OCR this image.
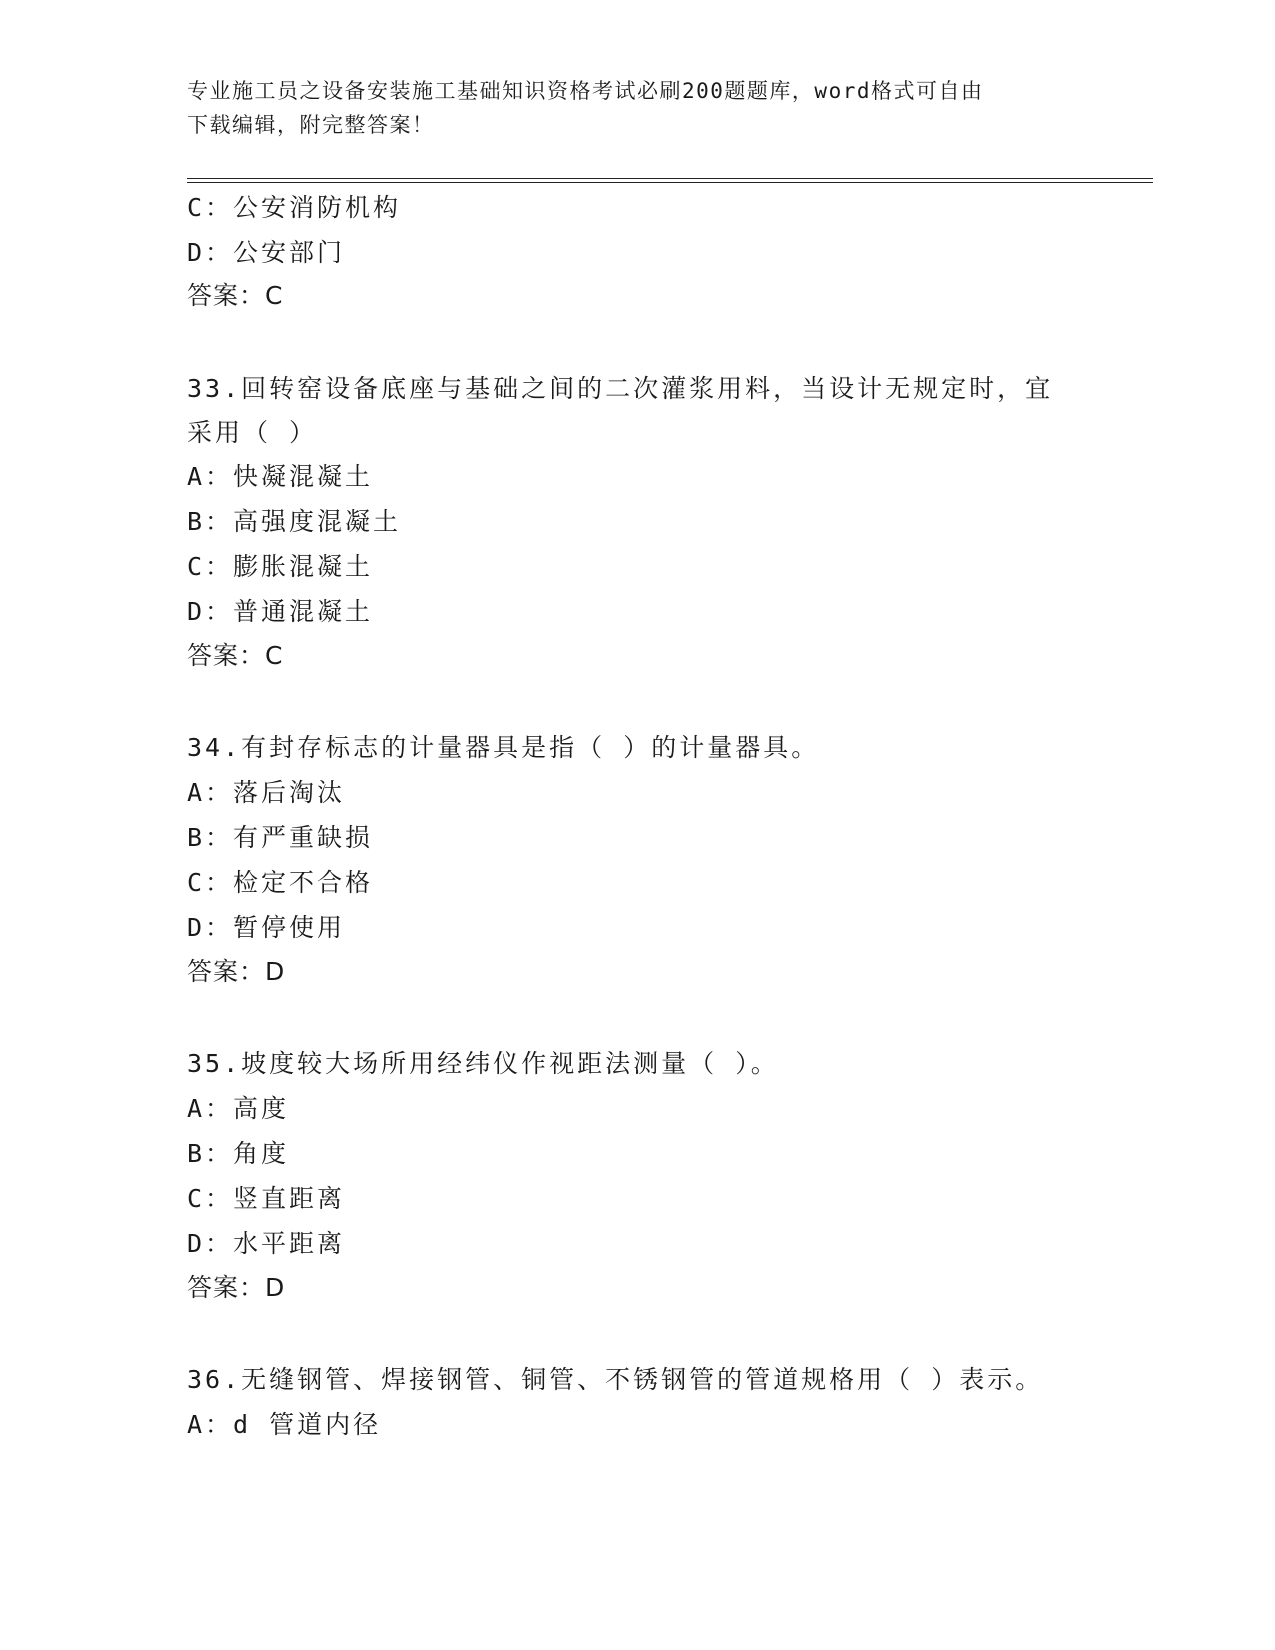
专业施工员之设备安装施工基础知识资格考试必刷200题题库，word格式可自由
下载编辑，附完整答案！
C：公安消防机构
D：公安部门
答案：C
33.回转窑设备底座与基础之间的二次灌浆用料，当设计无规定时，宜
采用（ ）
A：快凝混凝土
B：高强度混凝土
C：膨胀混凝土
D：普通混凝土
答案：C
34.有封存标志的计量器具是指（ ）的计量器具。
A：落后淘汰
B：有严重缺损
C：检定不合格
D：暂停使用
答案：D
35.坡度较大场所用经纬仪作视距法测量（ ）。
A：高度
B：角度
C：竖直距离
D：水平距离
答案：D
36.无缝钢管、焊接钢管、铜管、不锈钢管的管道规格用（ ）表示。
A：d 管道内径
